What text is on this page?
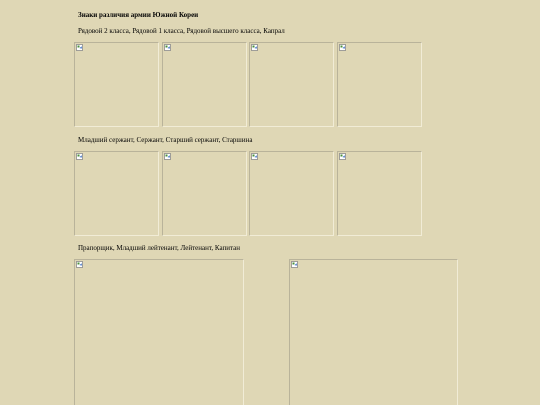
Знаки различия армии Южной Кореи
Рядовой 2 класса, Рядовой 1 класса, Рядовой высшего класса, Капрал
Младший сержант, Сержант, Старший сержант, Старшина
Прапорщик, Младший лейтенант, Лейтенант, Капитан
